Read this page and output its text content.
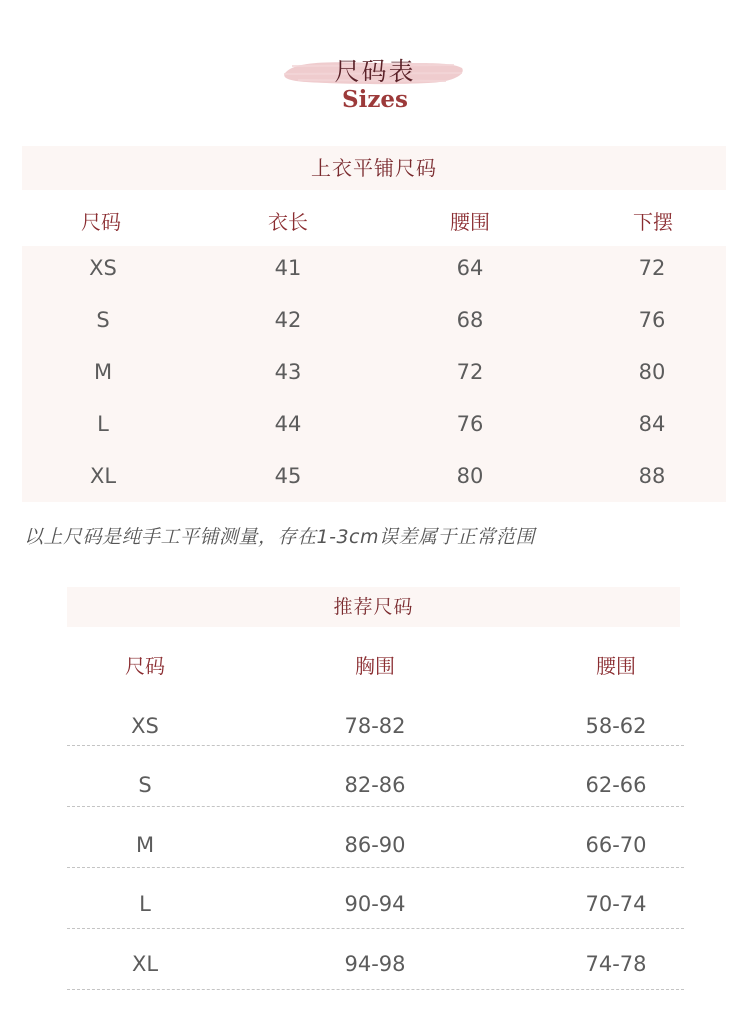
尺码表
Sizes
上衣平铺尺码
尺码	衣长	腰围	下摆
XS	41	64	72
S	42	68	76
M	43	72	80
L	44	76	84
XL	45	80	88
以上尺码是纯手工平铺测量，存在1-3cm误差属于正常范围
推荐尺码
尺码	胸围	腰围
XS	78-82	58-62
S	82-86	62-66
M	86-90	66-70
L	90-94	70-74
XL	94-98	74-78
